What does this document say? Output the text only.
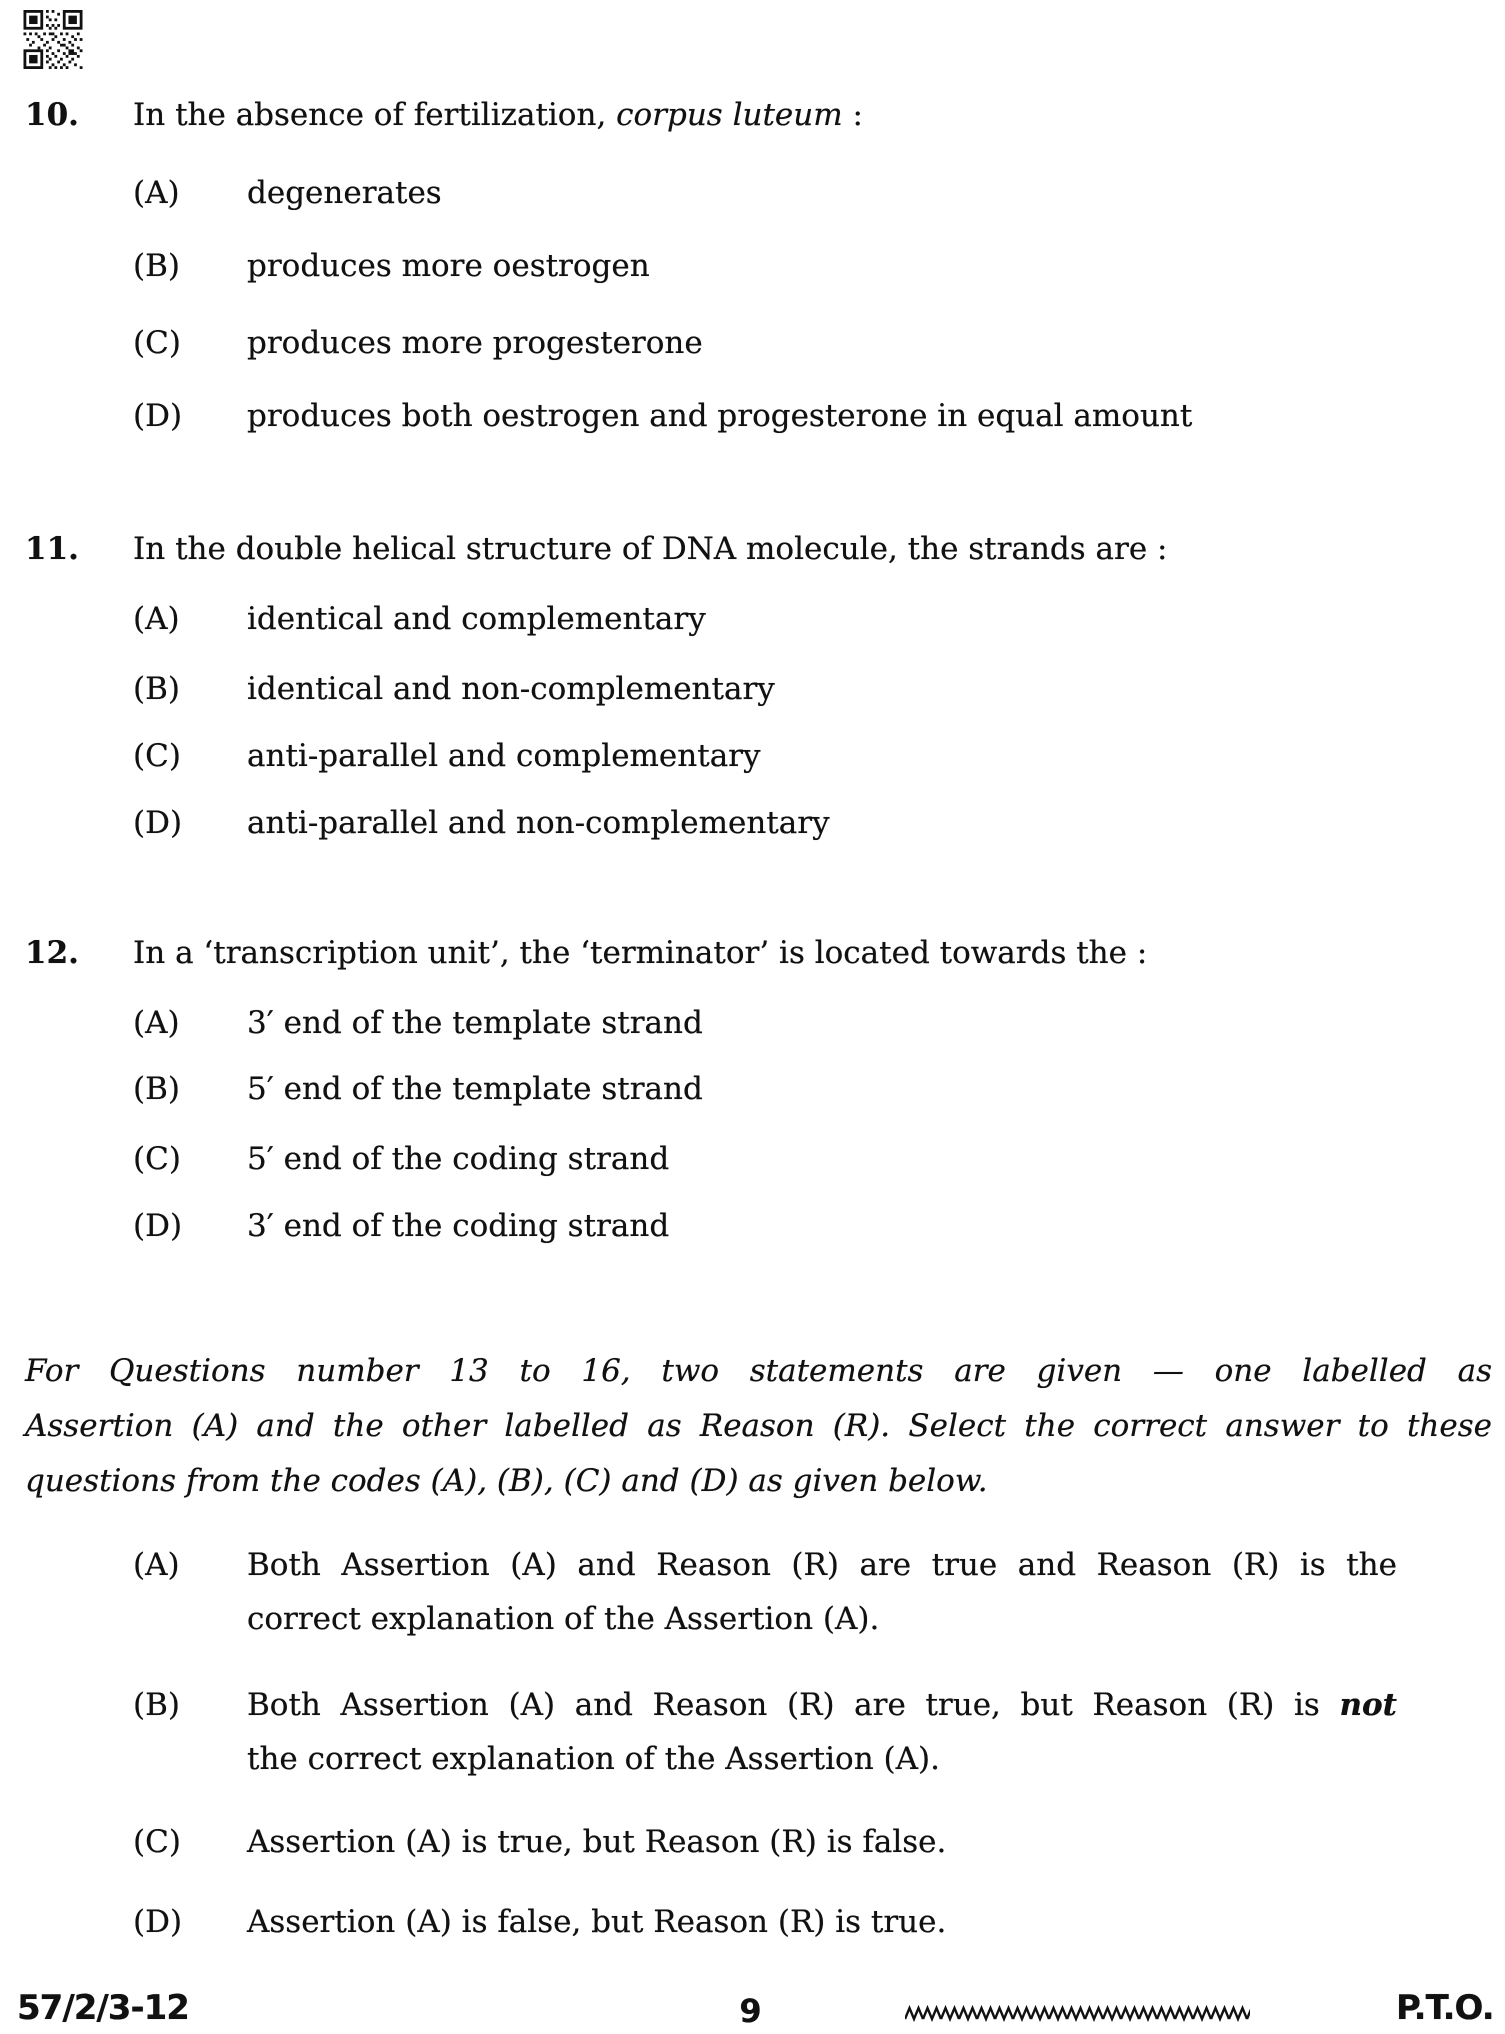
10. In the absence of fertilization, corpus luteum :
(A) degenerates
(B) produces more oestrogen
(C) produces more progesterone
(D) produces both oestrogen and progesterone in equal amount
11. In the double helical structure of DNA molecule, the strands are :
(A) identical and complementary
(B) identical and non-complementary
(C) anti-parallel and complementary
(D) anti-parallel and non-complementary
12. In a ‘transcription unit’, the ‘terminator’ is located towards the :
(A) 3′ end of the template strand
(B) 5′ end of the template strand
(C) 5′ end of the coding strand
(D) 3′ end of the coding strand
For Questions number 13 to 16, two statements are given — one labelled as
Assertion (A) and the other labelled as Reason (R). Select the correct answer to these
questions from the codes (A), (B), (C) and (D) as given below.
(A) Both Assertion (A) and Reason (R) are true and Reason (R) is the
correct explanation of the Assertion (A).
(B) Both Assertion (A) and Reason (R) are true, but Reason (R) is not
the correct explanation of the Assertion (A).
(C) Assertion (A) is true, but Reason (R) is false.
(D) Assertion (A) is false, but Reason (R) is true.
57/2/3-12	9	P.T.O.
